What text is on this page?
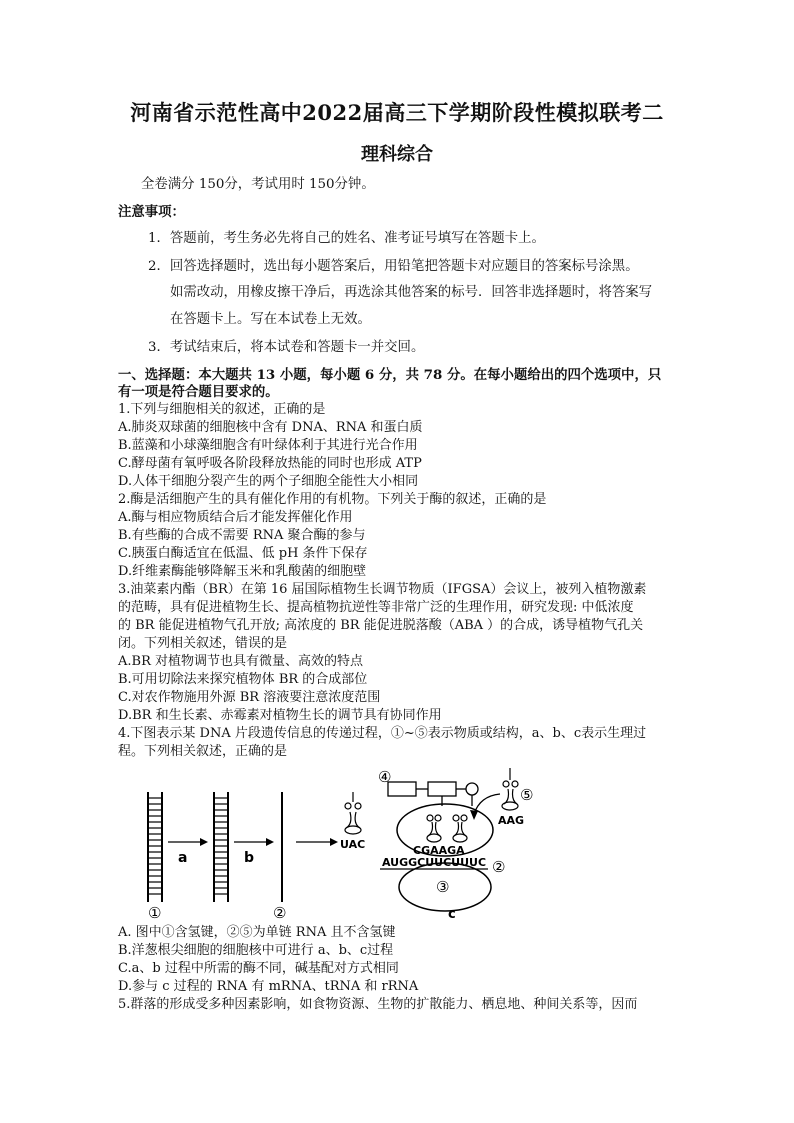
河南省示范性高中2022届高三下学期阶段性模拟联考二
理科综合
全卷满分 150分，考试用时 150分钟。
注意事项：
1．答题前，考生务必先将自己的姓名、准考证号填写在答题卡上。
2．回答选择题时，选出每小题答案后，用铅笔把答题卡对应题目的答案标号涂黑。
如需改动，用橡皮擦干净后，再选涂其他答案的标号．回答非选择题时，将答案写
在答题卡上。写在本试卷上无效。
3．考试结束后，将本试卷和答题卡一并交回。
一、选择题：本大题共 13 小题，每小题 6 分，共 78 分。在每小题给出的四个选项中，只
有一项是符合题目要求的。
1.下列与细胞相关的叙述，正确的是
A.肺炎双球菌的细胞核中含有 DNA、RNA 和蛋白质
B.蓝藻和小球藻细胞含有叶绿体利于其进行光合作用
C.酵母菌有氧呼吸各阶段释放热能的同时也形成 ATP
D.人体干细胞分裂产生的两个子细胞全能性大小相同
2.酶是活细胞产生的具有催化作用的有机物。下列关于酶的叙述，正确的是
A.酶与相应物质结合后才能发挥催化作用
B.有些酶的合成不需要 RNA 聚合酶的参与
C.胰蛋白酶适宜在低温、低 pH 条件下保存
D.纤维素酶能够降解玉米和乳酸菌的细胞壁
3.油菜素内酯（BR）在第 16 届国际植物生长调节物质（IFGSA）会议上，被列入植物激素
的范畴，具有促进植物生长、提高植物抗逆性等非常广泛的生理作用，研究发现: 中低浓度
的 BR 能促进植物气孔开放; 高浓度的 BR 能促进脱落酸（ABA ）的合成，诱导植物气孔关
闭。下列相关叙述，错误的是
A.BR 对植物调节也具有微量、高效的特点
B.可用切除法来探究植物体 BR 的合成部位
C.对农作物施用外源 BR 溶液要注意浓度范围
D.BR 和生长素、赤霉素对植物生长的调节具有协同作用
4.下图表示某 DNA 片段遗传信息的传递过程，①~⑤表示物质或结构，a、b、c表示生理过
程。下列相关叙述，正确的是
a	b
①	②
UAC
④
③
c
CGAAGA
AUGGCUUCUUUC ②
AAG
⑤
A. 图中①含氢键，②⑤为单链 RNA 且不含氢键
B.洋葱根尖细胞的细胞核中可进行 a、b、c过程
C.a、b 过程中所需的酶不同，碱基配对方式相同
D.参与 c 过程的 RNA 有 mRNA、tRNA 和 rRNA
5.群落的形成受多种因素影响，如食物资源、生物的扩散能力、栖息地、种间关系等，因而
